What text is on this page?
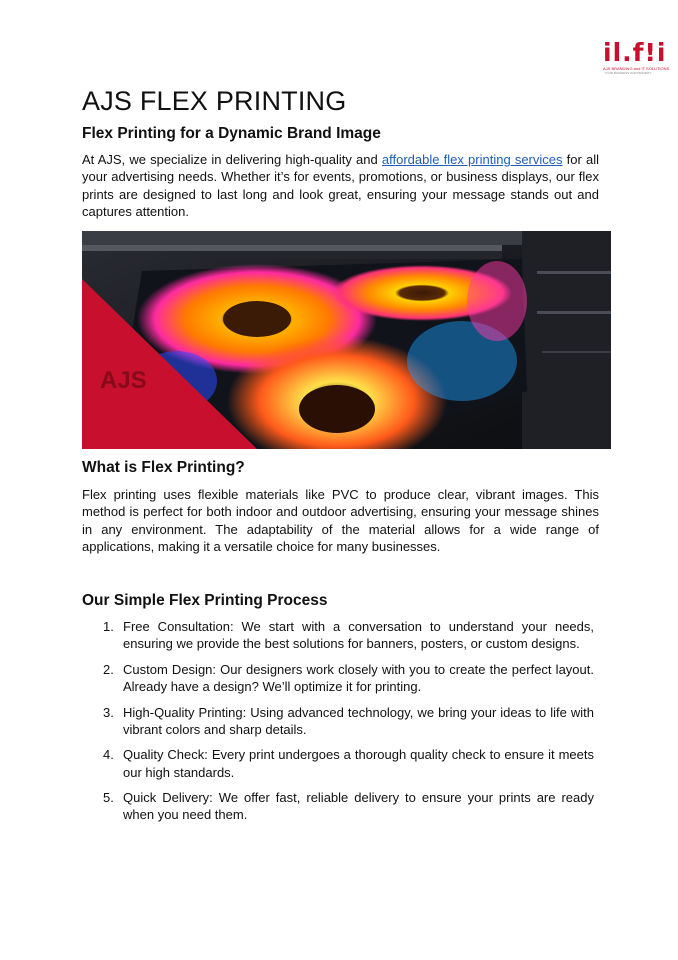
il.f!i
AJS BRANDING and IT SOLUTIONS
YOUR BUSINESS OUR PRIORITY
AJS FLEX PRINTING
Flex Printing for a Dynamic Brand Image

At AJS, we specialize in delivering high-quality and affordable flex printing services for all your advertising needs. Whether it’s for events, promotions, or business displays, our flex prints are designed to last long and look great, ensuring your message stands out and captures attention.

AJS
What is Flex Printing?

Flex printing uses flexible materials like PVC to produce clear, vibrant images. This method is perfect for both indoor and outdoor advertising, ensuring your message shines in any environment. The adaptability of the material allows for a wide range of applications, making it a versatile choice for many businesses.

Our Simple Flex Printing Process
1. Free Consultation: We start with a conversation to understand your needs, ensuring we provide the best solutions for banners, posters, or custom designs.
2. Custom Design: Our designers work closely with you to create the perfect layout. Already have a design? We’ll optimize it for printing.
3. High-Quality Printing: Using advanced technology, we bring your ideas to life with vibrant colors and sharp details.
4. Quality Check: Every print undergoes a thorough quality check to ensure it meets our high standards.
5. Quick Delivery: We offer fast, reliable delivery to ensure your prints are ready when you need them.
